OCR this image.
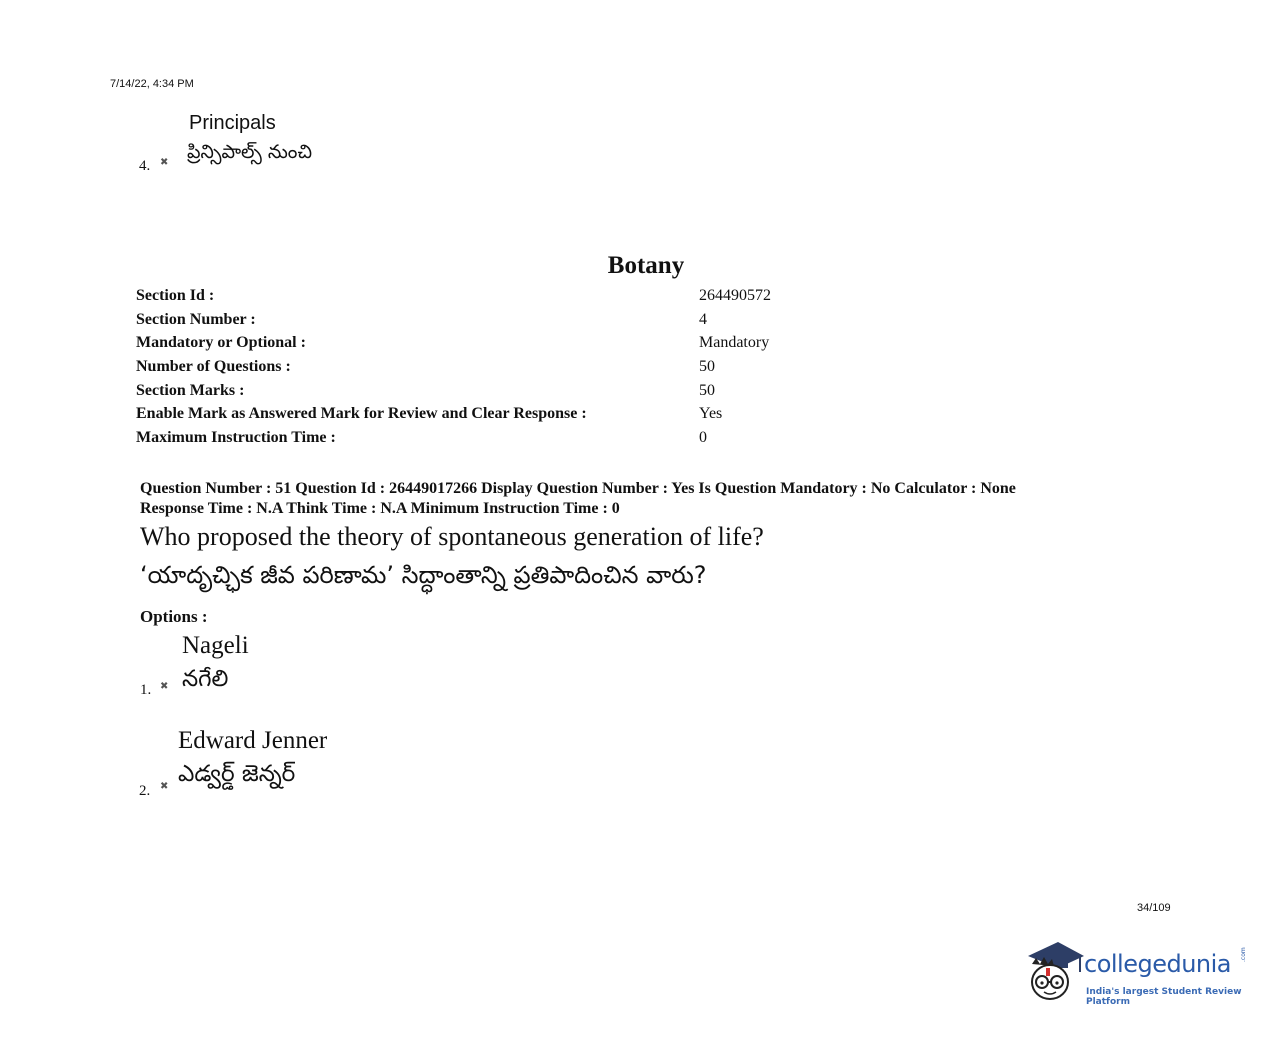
7/14/22, 4:34 PM
Principals
ప్రిన్సిపాల్స్ నుంచి
4. ✖
Botany
Section Id :	264490572
Section Number :	4
Mandatory or Optional :	Mandatory
Number of Questions :	50
Section Marks :	50
Enable Mark as Answered Mark for Review and Clear Response :	Yes
Maximum Instruction Time :	0
Question Number : 51 Question Id : 26449017266 Display Question Number : Yes Is Question Mandatory : No Calculator : None
Response Time : N.A Think Time : N.A Minimum Instruction Time : 0
Who proposed the theory of spontaneous generation of life?
‘యాదృచ్ఛిక జీవ పరిణామ’ సిద్ధాంతాన్ని ప్రతిపాదించిన వారు?
Options :
Nageli
నగేలి
1. ✖
Edward Jenner
ఎడ్వర్డ్ జెన్నర్
2. ✖
34/109
collegedunia .com
India's largest Student Review Platform
